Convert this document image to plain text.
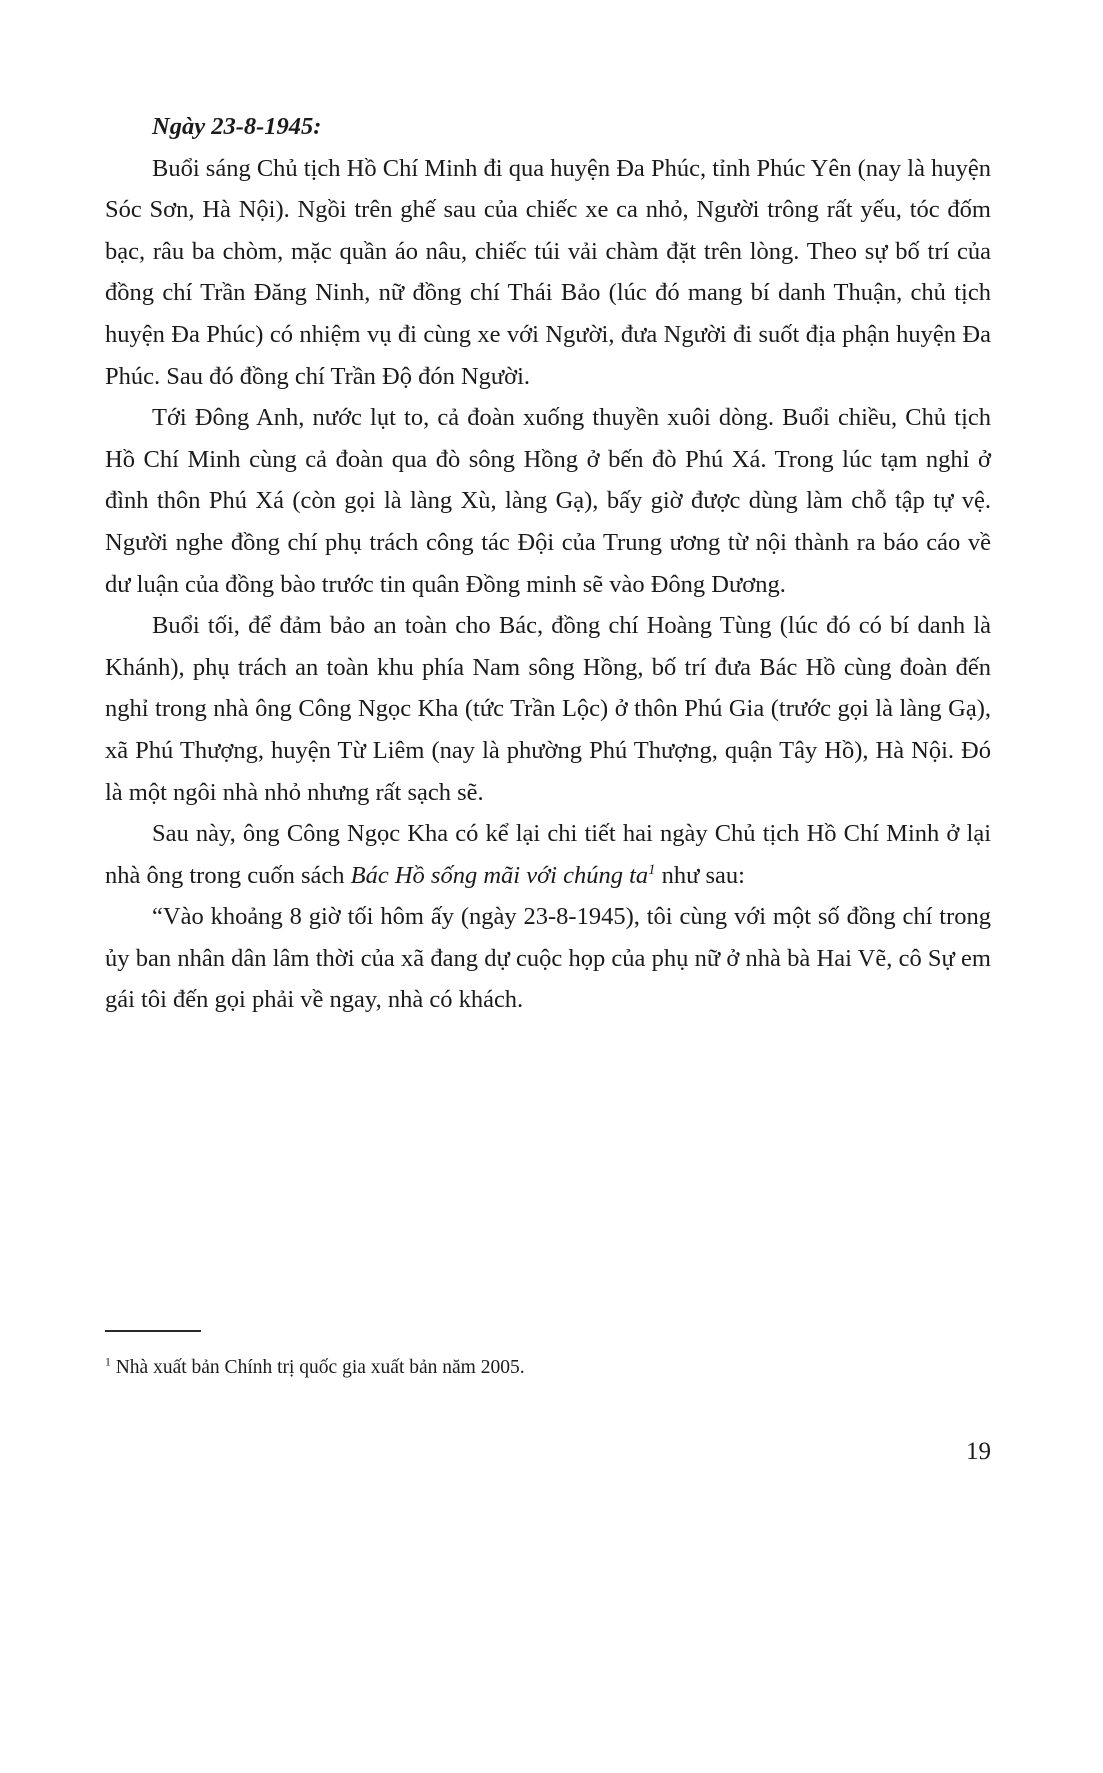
Ngày 23-8-1945:

Buổi sáng Chủ tịch Hồ Chí Minh đi qua huyện Đa Phúc, tỉnh Phúc Yên (nay là huyện Sóc Sơn, Hà Nội). Ngồi trên ghế sau của chiếc xe ca nhỏ, Người trông rất yếu, tóc đốm bạc, râu ba chòm, mặc quần áo nâu, chiếc túi vải chàm đặt trên lòng. Theo sự bố trí của đồng chí Trần Đăng Ninh, nữ đồng chí Thái Bảo (lúc đó mang bí danh Thuận, chủ tịch huyện Đa Phúc) có nhiệm vụ đi cùng xe với Người, đưa Người đi suốt địa phận huyện Đa Phúc. Sau đó đồng chí Trần Độ đón Người.

Tới Đông Anh, nước lụt to, cả đoàn xuống thuyền xuôi dòng. Buổi chiều, Chủ tịch Hồ Chí Minh cùng cả đoàn qua đò sông Hồng ở bến đò Phú Xá. Trong lúc tạm nghỉ ở đình thôn Phú Xá (còn gọi là làng Xù, làng Gạ), bấy giờ được dùng làm chỗ tập tự vệ. Người nghe đồng chí phụ trách công tác Đội của Trung ương từ nội thành ra báo cáo về dư luận của đồng bào trước tin quân Đồng minh sẽ vào Đông Dương.

Buổi tối, để đảm bảo an toàn cho Bác, đồng chí Hoàng Tùng (lúc đó có bí danh là Khánh), phụ trách an toàn khu phía Nam sông Hồng, bố trí đưa Bác Hồ cùng đoàn đến nghỉ trong nhà ông Công Ngọc Kha (tức Trần Lộc) ở thôn Phú Gia (trước gọi là làng Gạ), xã Phú Thượng, huyện Từ Liêm (nay là phường Phú Thượng, quận Tây Hồ), Hà Nội. Đó là một ngôi nhà nhỏ nhưng rất sạch sẽ.

Sau này, ông Công Ngọc Kha có kể lại chi tiết hai ngày Chủ tịch Hồ Chí Minh ở lại nhà ông trong cuốn sách Bác Hồ sống mãi với chúng $ta^1$ như sau:

“Vào khoảng 8 giờ tối hôm ấy (ngày 23-8-1945), tôi cùng với một số đồng chí trong ủy ban nhân dân lâm thời của xã đang dự cuộc họp của phụ nữ ở nhà bà Hai Vẽ, cô Sự em gái tôi đến gọi phải về ngay, nhà có khách.

$^1$ Nhà xuất bản Chính trị quốc gia xuất bản năm 2005.

19
